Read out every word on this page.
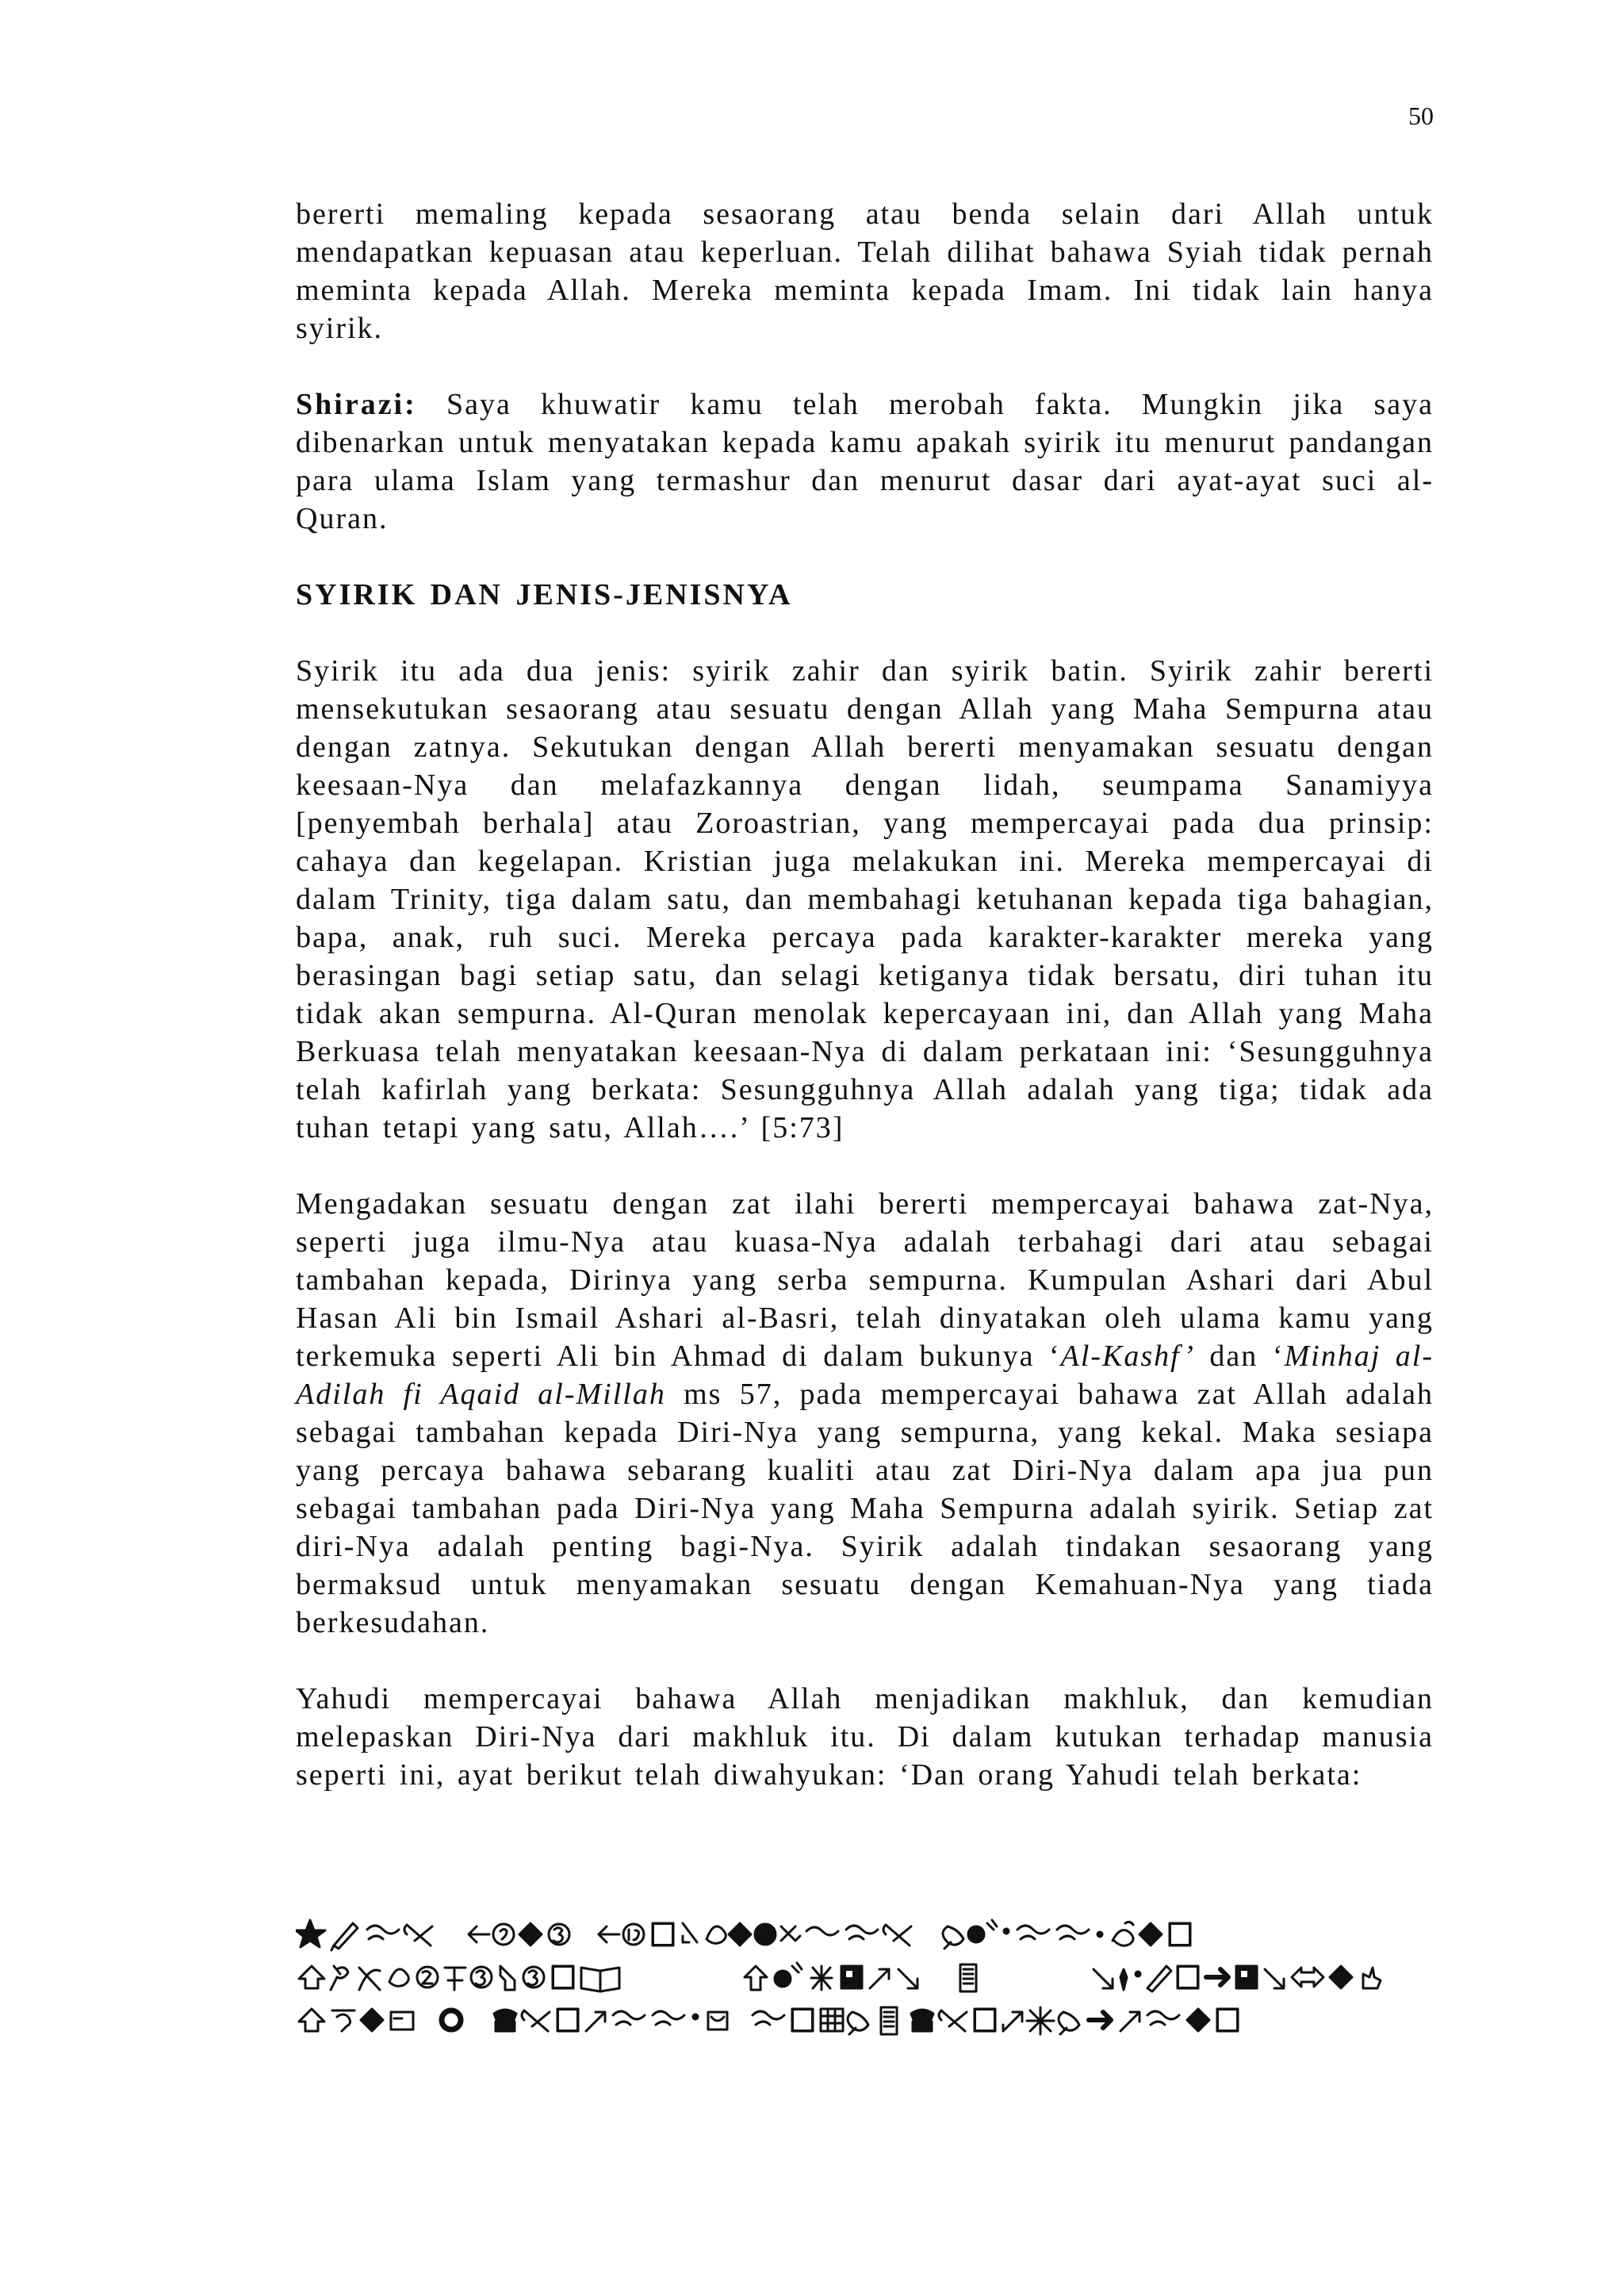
50

bererti memaling kepada sesaorang atau benda selain dari Allah untuk mendapatkan kepuasan atau keperluan. Telah dilihat bahawa Syiah tidak pernah meminta kepada Allah. Mereka meminta kepada Imam. Ini tidak lain hanya syirik.

Shirazi: Saya khuwatir kamu telah merobah fakta. Mungkin jika saya dibenarkan untuk menyatakan kepada kamu apakah syirik itu menurut pandangan para ulama Islam yang termashur dan menurut dasar dari ayat-ayat suci al-Quran.

SYIRIK DAN JENIS-JENISNYA

Syirik itu ada dua jenis: syirik zahir dan syirik batin. Syirik zahir bererti mensekutukan sesaorang atau sesuatu dengan Allah yang Maha Sempurna atau dengan zatnya. Sekutukan dengan Allah bererti menyamakan sesuatu dengan keesaan-Nya dan melafazkannya dengan lidah, seumpama Sanamiyya [penyembah berhala] atau Zoroastrian, yang mempercayai pada dua prinsip: cahaya dan kegelapan. Kristian juga melakukan ini. Mereka mempercayai di dalam Trinity, tiga dalam satu, dan membahagi ketuhanan kepada tiga bahagian, bapa, anak, ruh suci. Mereka percaya pada karakter-karakter mereka yang berasingan bagi setiap satu, dan selagi ketiganya tidak bersatu, diri tuhan itu tidak akan sempurna. Al-Quran menolak kepercayaan ini, dan Allah yang Maha Berkuasa telah menyatakan keesaan-Nya di dalam perkataan ini: ‘Sesungguhnya telah kafirlah yang berkata: Sesungguhnya Allah adalah yang tiga; tidak ada tuhan tetapi yang satu, Allah….’ [5:73]

Mengadakan sesuatu dengan zat ilahi bererti mempercayai bahawa zat-Nya, seperti juga ilmu-Nya atau kuasa-Nya adalah terbahagi dari atau sebagai tambahan kepada, Dirinya yang serba sempurna. Kumpulan Ashari dari Abul Hasan Ali bin Ismail Ashari al-Basri, telah dinyatakan oleh ulama kamu yang terkemuka seperti Ali bin Ahmad di dalam bukunya ‘Al-Kashf’ dan ‘Minhaj al-Adilah fi Aqaid al-Millah ms 57, pada mempercayai bahawa zat Allah adalah sebagai tambahan kepada Diri-Nya yang sempurna, yang kekal. Maka sesiapa yang percaya bahawa sebarang kualiti atau zat Diri-Nya dalam apa jua pun sebagai tambahan pada Diri-Nya yang Maha Sempurna adalah syirik. Setiap zat diri-Nya adalah penting bagi-Nya. Syirik adalah tindakan sesaorang yang bermaksud untuk menyamakan sesuatu dengan Kemahuan-Nya yang tiada berkesudahan.

Yahudi mempercayai bahawa Allah menjadikan makhluk, dan kemudian melepaskan Diri-Nya dari makhluk itu. Di dalam kutukan terhadap manusia seperti ini, ayat berikut telah diwahyukan: ‘Dan orang Yahudi telah berkata:
